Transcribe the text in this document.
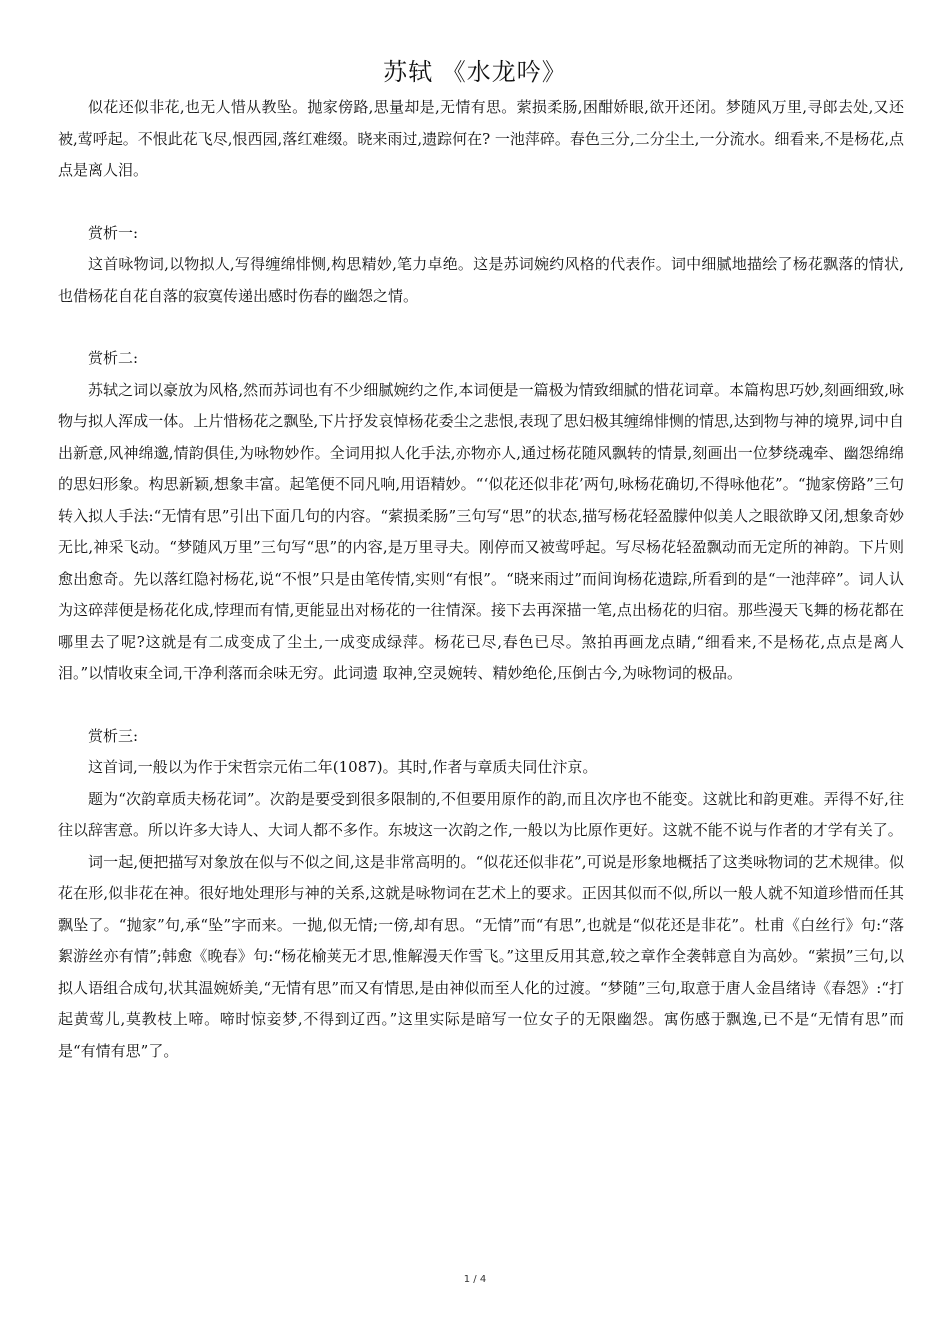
苏轼 《水龙吟》

似花还似非花,也无人惜从教坠。抛家傍路,思量却是,无情有思。萦损柔肠,困酣娇眼,欲开还闭。梦随风万里,寻郎去处,又还被,莺呼起。不恨此花飞尽,恨西园,落红难缀。晓来雨过,遗踪何在? 一池萍碎。春色三分,二分尘土,一分流水。细看来,不是杨花,点点是离人泪。

赏析一:

这首咏物词,以物拟人,写得缠绵悱恻,构思精妙,笔力卓绝。这是苏词婉约风格的代表作。词中细腻地描绘了杨花飘落的情状,也借杨花自花自落的寂寞传递出感时伤春的幽怨之情。

赏析二:

苏轼之词以豪放为风格,然而苏词也有不少细腻婉约之作,本词便是一篇极为情致细腻的惜花词章。本篇构思巧妙,刻画细致,咏物与拟人浑成一体。上片惜杨花之飘坠,下片抒发哀悼杨花委尘之悲恨,表现了思妇极其缠绵悱恻的情思,达到物与神的境界,词中自出新意,风神绵邈,情韵俱佳,为咏物妙作。全词用拟人化手法,亦物亦人,通过杨花随风飘转的情景,刻画出一位梦绕魂牵、幽怨绵绵的思妇形象。构思新颖,想象丰富。起笔便不同凡响,用语精妙。“‘似花还似非花’两句,咏杨花确切,不得咏他花”。“抛家傍路”三句转入拟人手法:“无情有思”引出下面几句的内容。“萦损柔肠”三句写“思”的状态,描写杨花轻盈朦仲似美人之眼欲睁又闭,想象奇妙无比,神采飞动。“梦随风万里”三句写“思”的内容,是万里寻夫。刚停而又被莺呼起。写尽杨花轻盈飘动而无定所的神韵。下片则愈出愈奇。先以落红隐衬杨花,说“不恨”只是由笔传情,实则“有恨”。“晓来雨过”而间询杨花遗踪,所看到的是“一池萍碎”。词人认为这碎萍便是杨花化成,悖理而有情,更能显出对杨花的一往情深。接下去再深描一笔,点出杨花的归宿。那些漫天飞舞的杨花都在哪里去了呢?这就是有二成变成了尘土,一成变成绿萍。杨花已尽,春色已尽。煞拍再画龙点睛,“细看来,不是杨花,点点是离人泪。”以情收束全词,干净利落而余味无穷。此词遗 取神,空灵婉转、精妙绝伦,压倒古今,为咏物词的极品。

赏析三:

这首词,一般以为作于宋哲宗元佑二年(1087)。其时,作者与章质夫同仕汴京。

题为“次韵章质夫杨花词”。次韵是要受到很多限制的,不但要用原作的韵,而且次序也不能变。这就比和韵更难。弄得不好,往往以辞害意。所以许多大诗人、大词人都不多作。东坡这一次韵之作,一般以为比原作更好。这就不能不说与作者的才学有关了。

词一起,便把描写对象放在似与不似之间,这是非常高明的。“似花还似非花”,可说是形象地概括了这类咏物词的艺术规律。似花在形,似非花在神。很好地处理形与神的关系,这就是咏物词在艺术上的要求。正因其似而不似,所以一般人就不知道珍惜而任其飘坠了。“抛家”句,承“坠”字而来。一抛,似无情;一傍,却有思。“无情”而“有思”,也就是“似花还是非花”。杜甫《白丝行》句:“落絮游丝亦有情”;韩愈《晚春》句:“杨花榆荚无才思,惟解漫天作雪飞。”这里反用其意,较之章作全袭韩意自为高妙。“萦损”三句,以拟人语组合成句,状其温婉娇美,“无情有思”而又有情思,是由神似而至人化的过渡。“梦随”三句,取意于唐人金昌绪诗《春怨》:“打起黄莺儿,莫教枝上啼。啼时惊妾梦,不得到辽西。”这里实际是暗写一位女子的无限幽怨。寓伤感于飘逸,已不是“无情有思”而是“有情有思”了。

1 / 4
